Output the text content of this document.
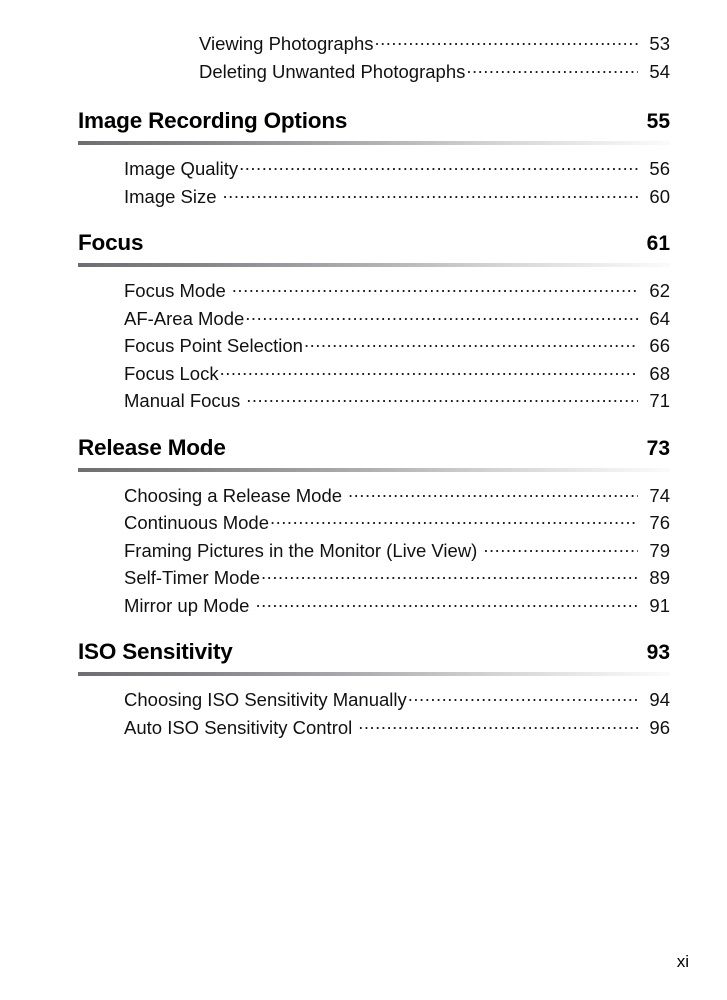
Viewing Photographs .....	53
Deleting Unwanted Photographs .....	54
Image Recording Options	55
Image Quality .....	56
Image Size .....	60
Focus	61
Focus Mode .....	62
AF-Area Mode .....	64
Focus Point Selection .....	66
Focus Lock .....	68
Manual Focus .....	71
Release Mode	73
Choosing a Release Mode .....	74
Continuous Mode .....	76
Framing Pictures in the Monitor (Live View) .....	79
Self-Timer Mode .....	89
Mirror up Mode .....	91
ISO Sensitivity	93
Choosing ISO Sensitivity Manually .....	94
Auto ISO Sensitivity Control .....	96
xi
